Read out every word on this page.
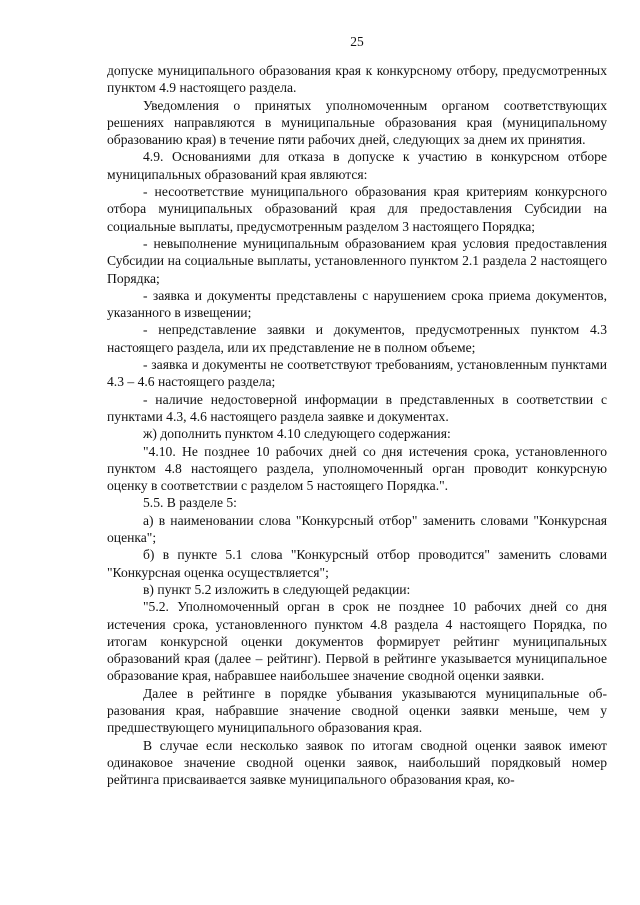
25

допуске муниципального образования края к конкурсному отбору, предусмотренных пунктом 4.9 настоящего раздела.

Уведомления о принятых уполномоченным органом соответствующих решениях направляются в муниципальные образования края (муниципальному образованию края) в течение пяти рабочих дней, следующих за днем их принятия.

4.9. Основаниями для отказа в допуске к участию в конкурсном отборе муниципальных образований края являются:

- несоответствие муниципального образования края критериям конкурсного отбора муниципальных образований края для предоставления Субсидии на социальные выплаты, предусмотренным разделом 3 настоящего Порядка;

- невыполнение муниципальным образованием края условия предоставления Субсидии на социальные выплаты, установленного пунктом 2.1 раздела 2 настоящего Порядка;

- заявка и документы представлены с нарушением срока приема документов, указанного в извещении;

- непредставление заявки и документов, предусмотренных пунктом 4.3 настоящего раздела, или их представление не в полном объеме;

- заявка и документы не соответствуют требованиям, установленным пунктами 4.3 – 4.6 настоящего раздела;

- наличие недостоверной информации в представленных в соответствии с пунктами 4.3, 4.6 настоящего раздела заявке и документах.

ж) дополнить пунктом 4.10 следующего содержания:

"4.10. Не позднее 10 рабочих дней со дня истечения срока, установленного пунктом 4.8 настоящего раздела, уполномоченный орган проводит конкурсную оценку в соответствии с разделом 5 настоящего Порядка.".

5.5. В разделе 5:

а) в наименовании слова "Конкурсный отбор" заменить словами "Конкурсная оценка";

б) в пункте 5.1 слова "Конкурсный отбор проводится" заменить словами "Конкурсная оценка осуществляется";

в) пункт 5.2 изложить в следующей редакции:

"5.2. Уполномоченный орган в срок не позднее 10 рабочих дней со дня истечения срока, установленного пунктом 4.8 раздела 4 настоящего Порядка, по итогам конкурсной оценки документов формирует рейтинг муниципальных образований края (далее – рейтинг). Первой в рейтинге указывается муниципальное образование края, набравшее наибольшее значение сводной оценки заявки.

Далее в рейтинге в порядке убывания указываются муниципальные образования края, набравшие значение сводной оценки заявки меньше, чем у предшествующего муниципального образования края.

В случае если несколько заявок по итогам сводной оценки заявок имеют одинаковое значение сводной оценки заявок, наибольший порядковый номер рейтинга присваивается заявке муниципального образования края, ко-
